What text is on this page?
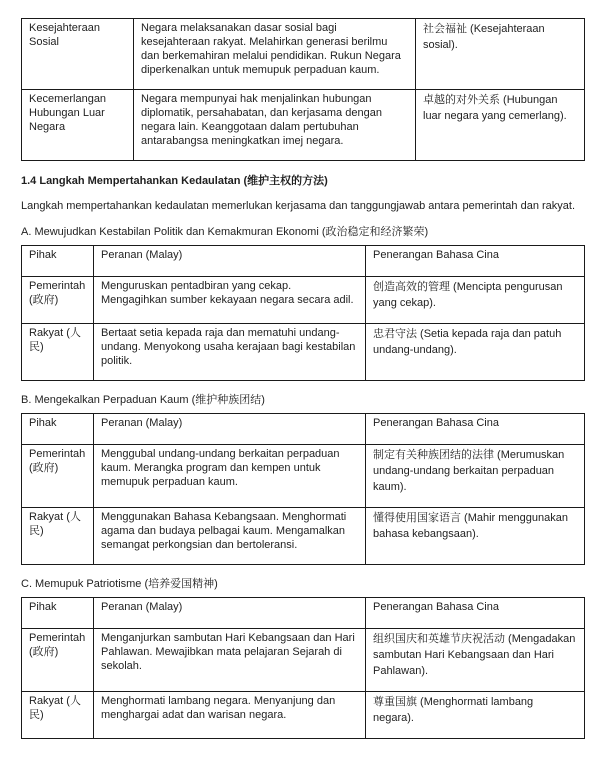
Kesejahteraan Sosial	Negara melaksanakan dasar sosial bagi kesejahteraan rakyat. Melahirkan generasi berilmu dan berkemahiran melalui pendidikan. Rukun Negara diperkenalkan untuk memupuk perpaduan kaum.	社会福祉 (Kesejahteraan sosial).
Kecemerlangan Hubungan Luar Negara	Negara mempunyai hak menjalinkan hubungan diplomatik, persahabatan, dan kerjasama dengan negara lain. Keanggotaan dalam pertubuhan antarabangsa meningkatkan imej negara.	卓越的对外关系 (Hubungan luar negara yang cemerlang).
1.4 Langkah Mempertahankan Kedaulatan (维护主权的方法)

Langkah mempertahankan kedaulatan memerlukan kerjasama dan tanggungjawab antara pemerintah dan rakyat.

A. Mewujudkan Kestabilan Politik dan Kemakmuran Ekonomi (政治稳定和经济繁荣)
Pihak	Peranan (Malay)	Penerangan Bahasa Cina
Pemerintah (政府)	Menguruskan pentadbiran yang cekap. Mengagihkan sumber kekayaan negara secara adil.	创造高效的管理 (Mencipta pengurusan yang cekap).
Rakyat (人民)	Bertaat setia kepada raja dan mematuhi undang-undang. Menyokong usaha kerajaan bagi kestabilan politik.	忠君守法 (Setia kepada raja dan patuh undang-undang).
B. Mengekalkan Perpaduan Kaum (维护种族团结)
Pihak	Peranan (Malay)	Penerangan Bahasa Cina
Pemerintah (政府)	Menggubal undang-undang berkaitan perpaduan kaum. Merangka program dan kempen untuk memupuk perpaduan kaum.	制定有关种族团结的法律 (Merumuskan undang-undang berkaitan perpaduan kaum).
Rakyat (人民)	Menggunakan Bahasa Kebangsaan. Menghormati agama dan budaya pelbagai kaum. Mengamalkan semangat perkongsian dan bertoleransi.	懂得使用国家语言 (Mahir menggunakan bahasa kebangsaan).
C. Memupuk Patriotisme (培养爱国精神)
Pihak	Peranan (Malay)	Penerangan Bahasa Cina
Pemerintah (政府)	Menganjurkan sambutan Hari Kebangsaan dan Hari Pahlawan. Mewajibkan mata pelajaran Sejarah di sekolah.	组织国庆和英雄节庆祝活动 (Mengadakan sambutan Hari Kebangsaan dan Hari Pahlawan).
Rakyat (人民)	Menghormati lambang negara. Menyanjung dan menghargai adat dan warisan negara.	尊重国旗 (Menghormati lambang negara).
